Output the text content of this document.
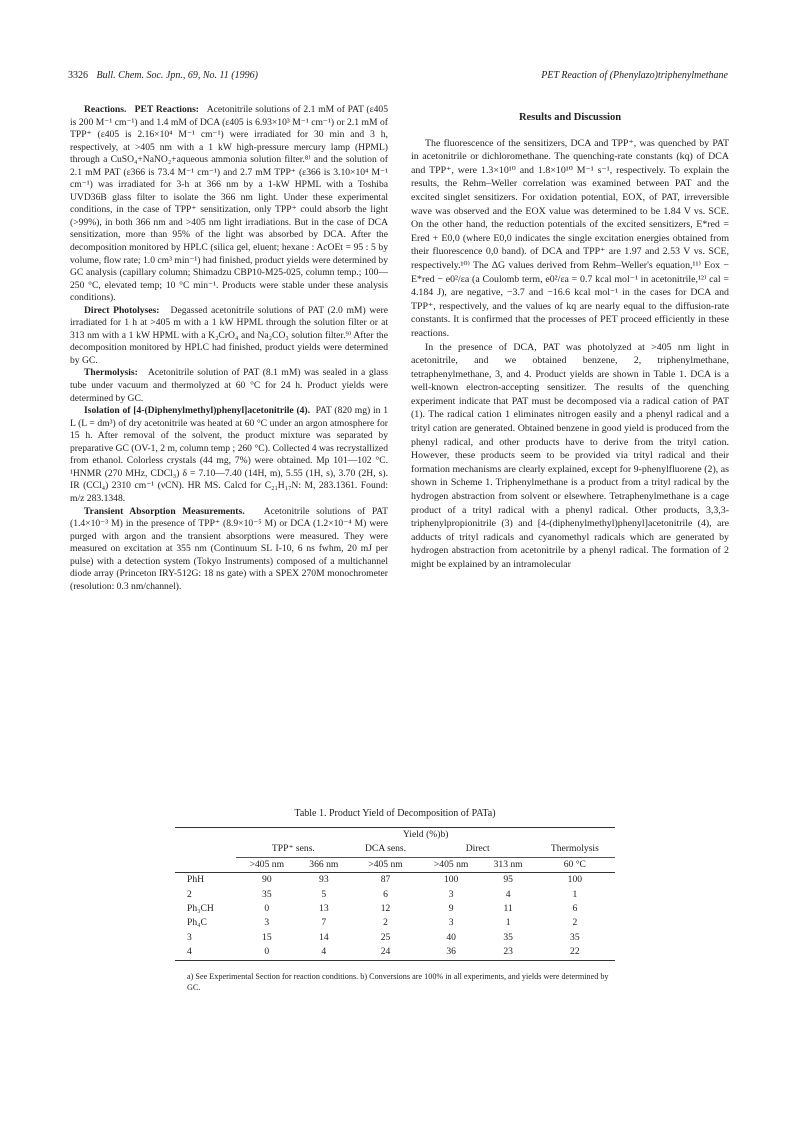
3326 Bull. Chem. Soc. Jpn., 69, No. 11 (1996)	PET Reaction of (Phenylazo)triphenylmethane

Reactions. PET Reactions: Acetonitrile solutions of 2.1 mM of PAT (ε405 is 200 M⁻¹ cm⁻¹) and 1.4 mM of DCA (ε405 is 6.93×10³ M⁻¹ cm⁻¹) or 2.1 mM of TPP⁺ (ε405 is 2.16×10⁴ M⁻¹ cm⁻¹) were irradiated for 30 min and 3 h, respectively, at >405 nm with a 1 kW high-pressure mercury lamp (HPML) through a CuSO₄+NaNO₂+aqueous ammonia solution filter.⁸⁾ and the solution of 2.1 mM PAT (ε366 is 73.4 M⁻¹ cm⁻¹) and 2.7 mM TPP⁺ (ε366 is 3.10×10⁴ M⁻¹ cm⁻¹) was irradiated for 3-h at 366 nm by a 1-kW HPML with a Toshiba UVD36B glass filter to isolate the 366 nm light. Under these experimental conditions, in the case of TPP⁺ sensitization, only TPP⁺ could absorb the light (>99%), in both 366 nm and >405 nm light irradiations. But in the case of DCA sensitization, more than 95% of the light was absorbed by DCA. After the decomposition monitored by HPLC (silica gel, eluent; hexane : AcOEt = 95 : 5 by volume, flow rate; 1.0 cm³ min⁻¹) had finished, product yields were determined by GC analysis (capillary column; Shimadzu CBP10-M25-025, column temp.; 100—250 °C, elevated temp; 10 °C min⁻¹. Products were stable under these analysis conditions).

Direct Photolyses: Degassed acetonitrile solutions of PAT (2.0 mM) were irradiated for 1 h at >405 m with a 1 kW HPML through the solution filter or at 313 nm with a 1 kW HPML with a K₂CrO₄ and Na₂CO₃ solution filter.⁹⁾ After the decomposition monitored by HPLC had finished, product yields were determined by GC.

Thermolysis: Acetonitrile solution of PAT (8.1 mM) was sealed in a glass tube under vacuum and thermolyzed at 60 °C for 24 h. Product yields were determined by GC.

Isolation of [4-(Diphenylmethyl)phenyl]acetonitrile (4). PAT (820 mg) in 1 L (L = dm³) of dry acetonitrile was heated at 60 °C under an argon atmosphere for 15 h. After removal of the solvent, the product mixture was separated by preparative GC (OV-1, 2 m, column temp ; 260 °C). Collected 4 was recrystallized from ethanol. Colorless crystals (44 mg, 7%) were obtained. Mp 101—102 °C. ¹HNMR (270 MHz, CDCl₃) δ = 7.10—7.40 (14H, m), 5.55 (1H, s), 3.70 (2H, s). IR (CCl₄) 2310 cm⁻¹ (νCN). HR MS. Calcd for C₂₁H₁₇N: M, 283.1361. Found: m/z 283.1348.

Transient Absorption Measurements. Acetonitrile solutions of PAT (1.4×10⁻³ M) in the presence of TPP⁺ (8.9×10⁻⁵ M) or DCA (1.2×10⁻⁴ M) were purged with argon and the transient absorptions were measured. They were measured on excitation at 355 nm (Continuum SL I-10, 6 ns fwhm, 20 mJ per pulse) with a detection system (Tokyo Instruments) composed of a multichannel diode array (Princeton IRY-512G: 18 ns gate) with a SPEX 270M monochrometer (resolution: 0.3 nm/channel).

Results and Discussion

The fluorescence of the sensitizers, DCA and TPP⁺, was quenched by PAT in acetonitrile or dichloromethane. The quenching-rate constants (kq) of DCA and TPP⁺, were 1.3×10¹⁰ and 1.8×10¹⁰ M⁻¹ s⁻¹, respectively. To explain the results, the Rehm–Weller correlation was examined between PAT and the excited singlet sensitizers. For oxidation potential, EOX, of PAT, irreversible wave was observed and the EOX value was determined to be 1.84 V vs. SCE. On the other hand, the reduction potentials of the excited sensitizers, E*red = Ered + E0,0 (where E0,0 indicates the single excitation energies obtained from their fluorescence 0,0 band). of DCA and TPP⁺ are 1.97 and 2.53 V vs. SCE, respectively.¹⁰⁾ The ΔG values derived from Rehm–Weller's equation,¹¹⁾ Eox − E*red − e0²/εa (a Coulomb term, e0²/εa = 0.7 kcal mol⁻¹ in acetonitrile,¹²⁾ cal = 4.184 J), are negative, −3.7 and −16.6 kcal mol⁻¹ in the cases for DCA and TPP⁺, respectively, and the values of kq are nearly equal to the diffusion-rate constants. It is confirmed that the processes of PET proceed efficiently in these reactions.

In the presence of DCA, PAT was photolyzed at >405 nm light in acetonitrile, and we obtained benzene, 2, triphenylmethane, tetraphenylmethane, 3, and 4. Product yields are shown in Table 1. DCA is a well-known electron-accepting sensitizer. The results of the quenching experiment indicate that PAT must be decomposed via a radical cation of PAT (1). The radical cation 1 eliminates nitrogen easily and a phenyl radical and a trityl cation are generated. Obtained benzene in good yield is produced from the phenyl radical, and other products have to derive from the trityl cation. However, these products seem to be provided via trityl radical and their formation mechanisms are clearly explained, except for 9-phenylfluorene (2), as shown in Scheme 1. Triphenylmethane is a product from a trityl radical by the hydrogen abstraction from solvent or elsewhere. Tetraphenylmethane is a cage product of a trityl radical with a phenyl radical. Other products, 3,3,3-triphenylpropionitrile (3) and [4-(diphenylmethyl)phenyl]acetonitrile (4), are adducts of trityl radicals and cyanomethyl radicals which are generated by hydrogen abstraction from acetonitrile by a phenyl radical. The formation of 2 might be explained by an intramolecular

Table 1. Product Yield of Decomposition of PATa)
	Yield (%)b)					
	TPP⁺ sens.		DCA sens.	Direct		Thermolysis
	>405 nm	366 nm	>405 nm	>405 nm	313 nm	60 °C
PhH	90	93	87	100	95	100
2	35	5	6	3	4	1
Ph₃CH	0	13	12	9	11	6
Ph₄C	3	7	2	3	1	2
3	15	14	25	40	35	35
4	0	4	24	36	23	22
a) See Experimental Section for reaction conditions. b) Conversions are 100% in all experiments, and yields were determined by GC.
